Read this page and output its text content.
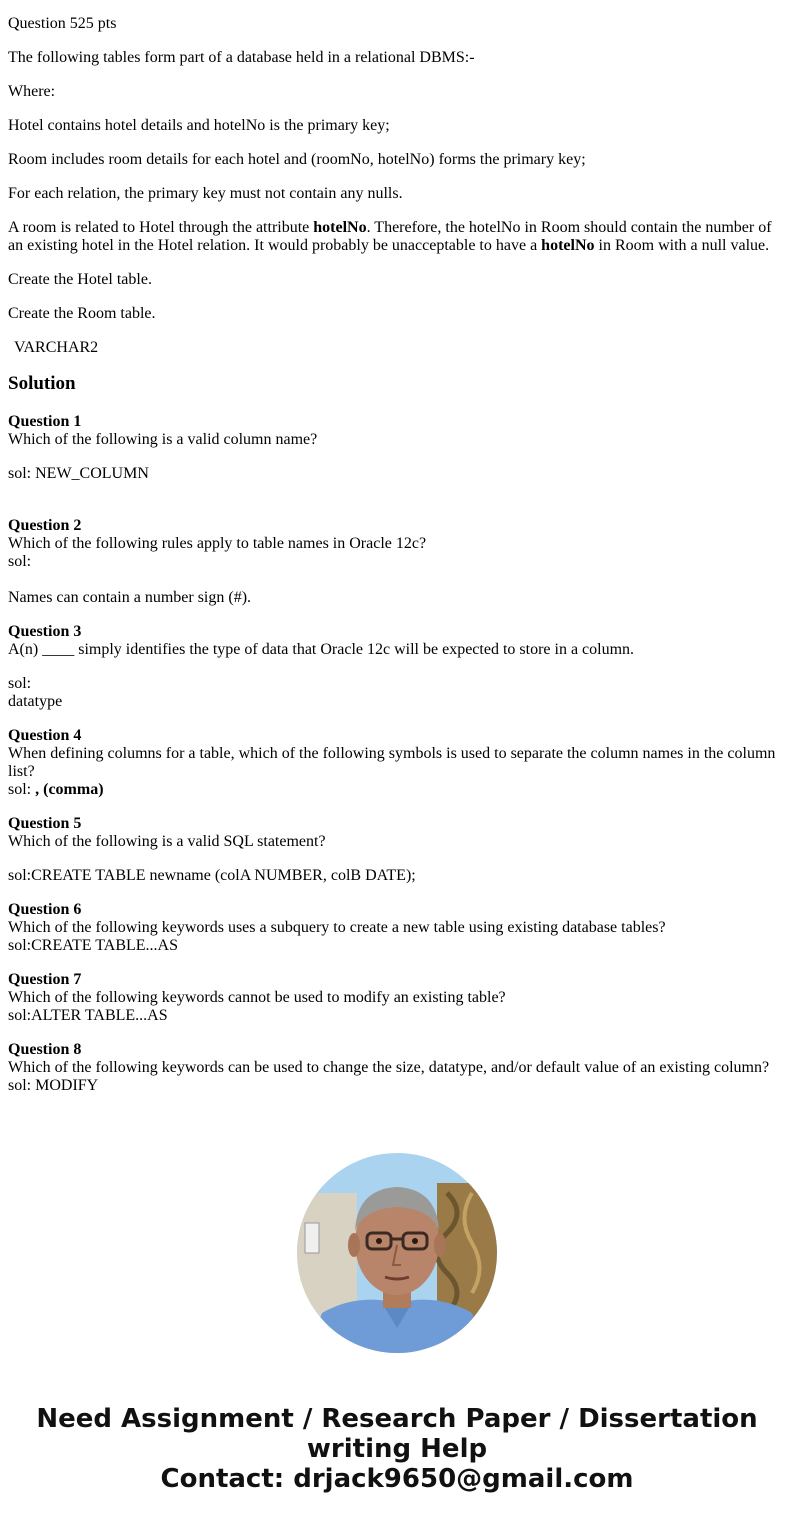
Question 525 pts

The following tables form part of a database held in a relational DBMS:-

Where:

Hotel contains hotel details and hotelNo is the primary key;

Room includes room details for each hotel and (roomNo, hotelNo) forms the primary key;

For each relation, the primary key must not contain any nulls.

A room is related to Hotel through the attribute hotelNo. Therefore, the hotelNo in Room should contain the number of an existing hotel in the Hotel relation. It would probably be unacceptable to have a hotelNo in Room with a null value.

Create the Hotel table.

Create the Room table.

VARCHAR2

Solution
Question 1
Which of the following is a valid column name?
sol: NEW_COLUMN
Question 2
Which of the following rules apply to table names in Oracle 12c?
sol:
Names can contain a number sign (#).
Question 3
A(n) ____ simply identifies the type of data that Oracle 12c will be expected to store in a column.
sol:
datatype
Question 4
When defining columns for a table, which of the following symbols is used to separate the column names in the column list?
sol: , (comma)
Question 5
Which of the following is a valid SQL statement?
sol:CREATE TABLE newname (colA NUMBER, colB DATE);
Question 6
Which of the following keywords uses a subquery to create a new table using existing database tables?
sol:CREATE TABLE...AS
Question 7
Which of the following keywords cannot be used to modify an existing table?
sol:ALTER TABLE...AS
Question 8
Which of the following keywords can be used to change the size, datatype, and/or default value of an existing column?
sol: MODIFY
Need Assignment / Research Paper / Dissertation
writing Help
Contact: drjack9650@gmail.com
